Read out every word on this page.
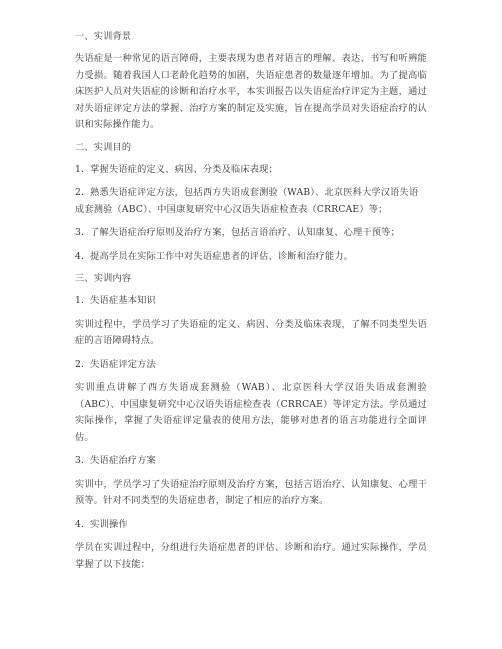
一、实训背景
失语症是一种常见的语言障碍，主要表现为患者对语言的理解、表达、书写和听辨能力受损。随着我国人口老龄化趋势的加剧，失语症患者的数量逐年增加。为了提高临床医护人员对失语症的诊断和治疗水平，本实训报告以失语症治疗评定为主题，通过对失语症评定方法的掌握、治疗方案的制定及实施，旨在提高学员对失语症治疗的认识和实际操作能力。
二、实训目的
1. 掌握失语症的定义、病因、分类及临床表现；
2. 熟悉失语症评定方法，包括西方失语成套测验（WAB）、北京医科大学汉语失语成套测验（ABC）、中国康复研究中心汉语失语症检查表（CRRCAE）等；
3. 了解失语症治疗原则及治疗方案，包括言语治疗、认知康复、心理干预等；
4. 提高学员在实际工作中对失语症患者的评估、诊断和治疗能力。
三、实训内容
1. 失语症基本知识
实训过程中，学员学习了失语症的定义、病因、分类及临床表现，了解不同类型失语症的言语障碍特点。
2. 失语症评定方法
实训重点讲解了西方失语成套测验（WAB）、北京医科大学汉语失语成套测验（ABC）、中国康复研究中心汉语失语症检查表（CRRCAE）等评定方法。学员通过实际操作，掌握了失语症评定量表的使用方法，能够对患者的语言功能进行全面评估。
3. 失语症治疗方案
实训中，学员学习了失语症治疗原则及治疗方案，包括言语治疗、认知康复、心理干预等。针对不同类型的失语症患者，制定了相应的治疗方案。
4. 实训操作
学员在实训过程中，分组进行失语症患者的评估、诊断和治疗。通过实际操作，学员掌握了以下技能：
